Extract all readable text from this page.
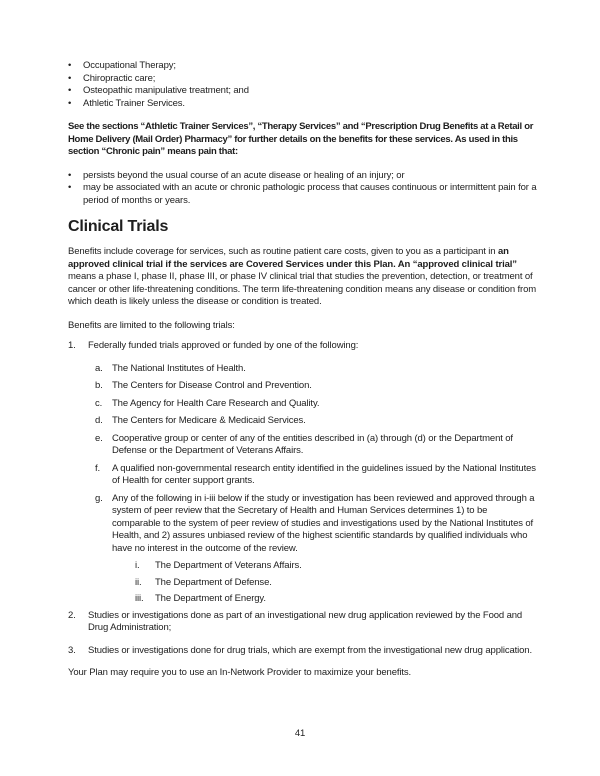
•	Occupational Therapy;
•	Chiropractic care;
•	Osteopathic manipulative treatment; and
•	Athletic Trainer Services.

See the sections “Athletic Trainer Services”, “Therapy Services” and “Prescription Drug Benefits at a Retail or Home Delivery (Mail Order) Pharmacy” for further details on the benefits for these services. As used in this section “Chronic pain” means pain that:

•	persists beyond the usual course of an acute disease or healing of an injury; or
•	may be associated with an acute or chronic pathologic process that causes continuous or intermittent pain for a period of months or years.
Clinical Trials

Benefits include coverage for services, such as routine patient care costs, given to you as a participant in an approved clinical trial if the services are Covered Services under this Plan. An “approved clinical trial” means a phase I, phase II, phase III, or phase IV clinical trial that studies the prevention, detection, or treatment of cancer or other life-threatening conditions. The term life-threatening condition means any disease or condition from which death is likely unless the disease or condition is treated.

Benefits are limited to the following trials:

1.	Federally funded trials approved or funded by one of the following:
a. The National Institutes of Health.
b. The Centers for Disease Control and Prevention.
c.	The Agency for Health Care Research and Quality.
d. The Centers for Medicare & Medicaid Services.
e. Cooperative group or center of any of the entities described in (a) through (d) or the Department of Defense or the Department of Veterans Affairs.
f.	A qualified non-governmental research entity identified in the guidelines issued by the National Institutes of Health for center support grants.
g. Any of the following in i-iii below if the study or investigation has been reviewed and approved through a system of peer review that the Secretary of Health and Human Services determines 1) to be comparable to the system of peer review of studies and investigations used by the National Institutes of Health, and 2) assures unbiased review of the highest scientific standards by qualified individuals who have no interest in the outcome of the review.
i.	The Department of Veterans Affairs.
ii.	The Department of Defense.
iii.	The Department of Energy.
2.	Studies or investigations done as part of an investigational new drug application reviewed by the Food and Drug Administration;
3.	Studies or investigations done for drug trials, which are exempt from the investigational new drug application.

Your Plan may require you to use an In-Network Provider to maximize your benefits.

41
